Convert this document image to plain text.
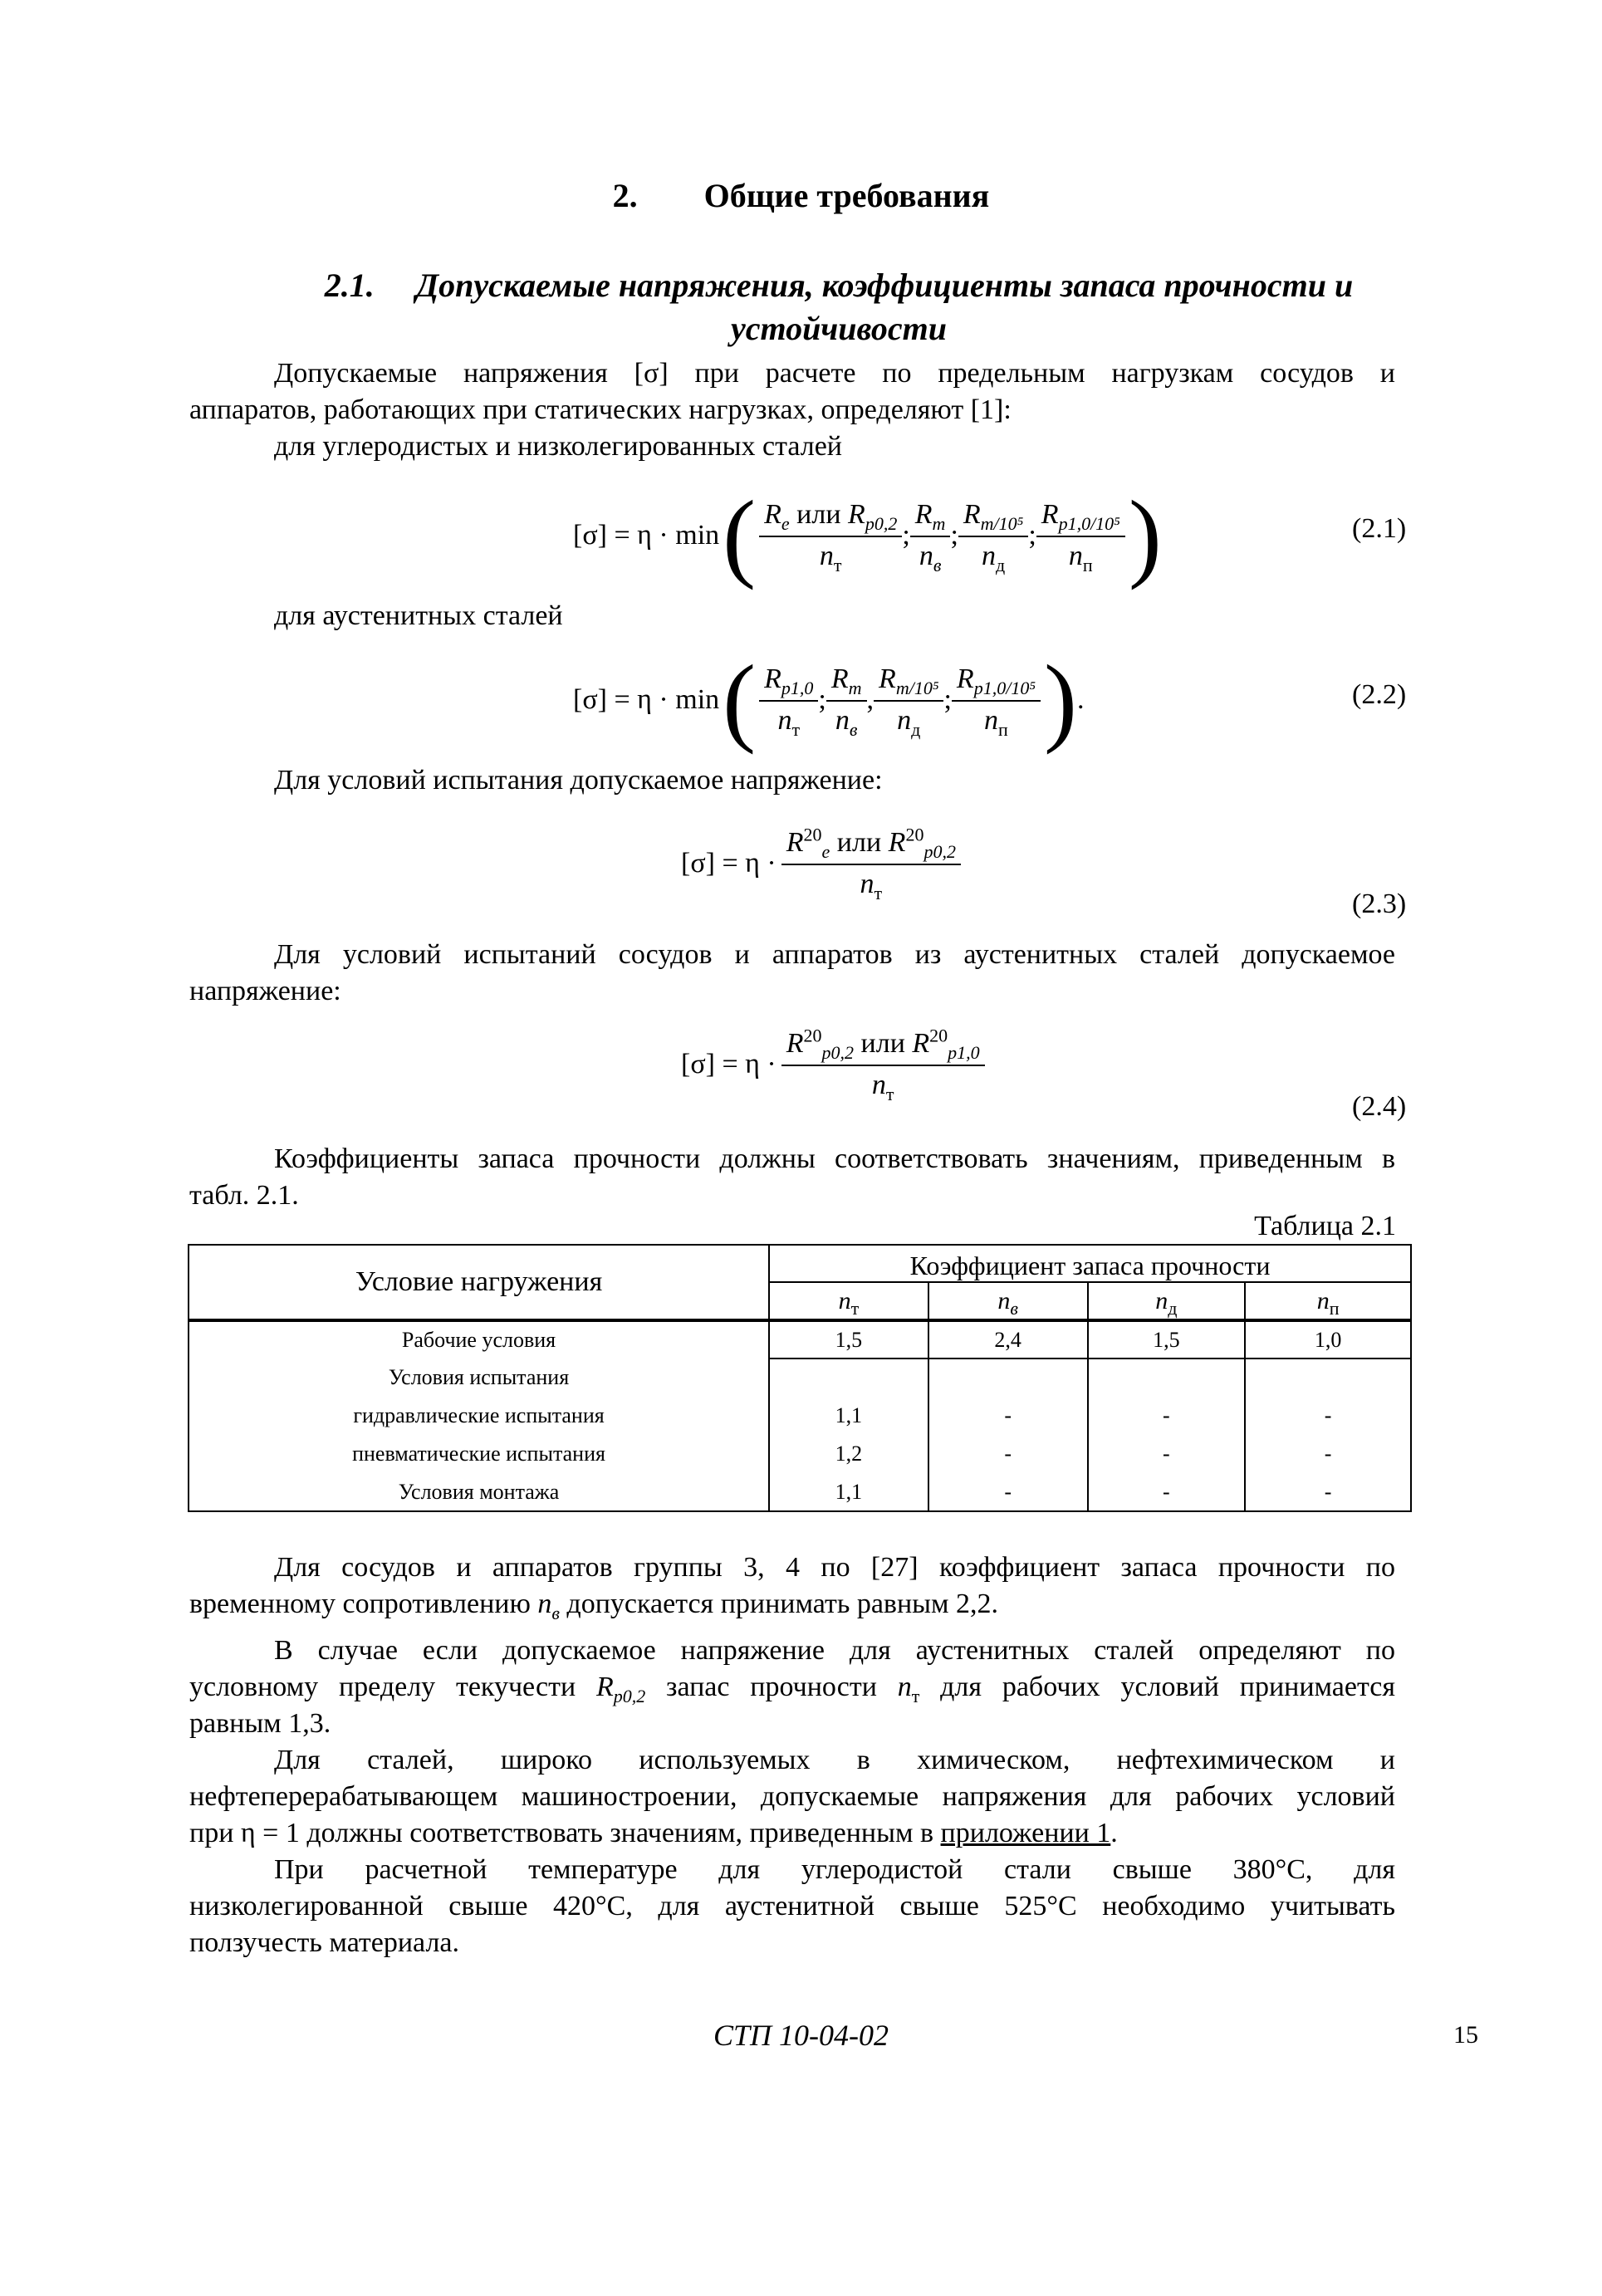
2. Общие требования
2.1. Допускаемые напряжения, коэффициенты запаса прочности и
устойчивости
Допускаемые напряжения [σ] при расчете по предельным нагрузкам сосудов и
аппаратов, работающих при статических нагрузках, определяют [1]:
для углеродистых и низколегированных сталей
[σ] = η · min ( $\frac{R_e или R_{p0,2}}{n_т}$ ; $\frac{R_m}{n_в}$ ; $\frac{R_{m/10^5}}{n_д}$ ; $\frac{R_{p1,0/10^5}}{n_п}$ )	(2.1)
для аустенитных сталей
[σ] = η · min ( $\frac{R_{p1,0}}{n_т}$ ; $\frac{R_m}{n_в}$ , $\frac{R_{m/10^5}}{n_д}$ ; $\frac{R_{p1,0/10^5}}{n_п}$ ) .	(2.2)
Для условий испытания допускаемое напряжение:
$[\sigma] = \eta \cdot \frac{R^{20}_e или R^{20}_{p0,2}}{n_т}$
(2.3)
Для условий испытаний сосудов и аппаратов из аустенитных сталей допускаемое
напряжение:
$[\sigma] = \eta \cdot \frac{R^{20}_{p0,2} или R^{20}_{p1,0}}{n_т}$
(2.4)
Коэффициенты запаса прочности должны соответствовать значениям, приведенным в
табл. 2.1.
Таблица 2.1
Условие нагружения	Коэффициент запаса прочности			
	$n_т$	$n_в$	$n_д$	$n_п$
Рабочие условия	1,5	2,4	1,5	1,0
Условия испытания				
гидравлические испытания	1,1	-	-	-
пневматические испытания	1,2	-	-	-
Условия монтажа	1,1	-	-	-
Для сосудов и аппаратов группы 3, 4 по [27] коэффициент запаса прочности по
временному сопротивлению $n_в$ допускается принимать равным 2,2.
В случае если допускаемое напряжение для аустенитных сталей определяют по
условному пределу текучести $R_{p0,2}$ запас прочности $n_т$ для рабочих условий принимается
равным 1,3.
Для сталей, широко используемых в химическом, нефтехимическом и
нефтеперерабатывающем машиностроении, допускаемые напряжения для рабочих условий
при η = 1 должны соответствовать значениям, приведенным в приложении 1.
При расчетной температуре для углеродистой стали свыше 380°С, для
низколегированной свыше 420°С, для аустенитной свыше 525°С необходимо учитывать
ползучесть материала.
СТП 10-04-02	15
